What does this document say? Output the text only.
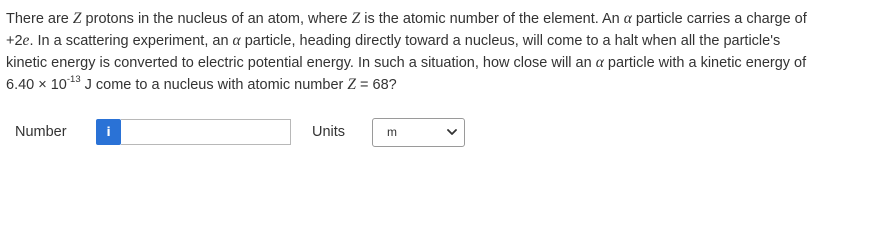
There are Z protons in the nucleus of an atom, where Z is the atomic number of the element. An α particle carries a charge of
+2e. In a scattering experiment, an α particle, heading directly toward a nucleus, will come to a halt when all the particle's
kinetic energy is converted to electric potential energy. In such a situation, how close will an α particle with a kinetic energy of
$6.40 \times 10^{-13}$ J come to a nucleus with atomic number Z = 68?
Number	i	Units	m
